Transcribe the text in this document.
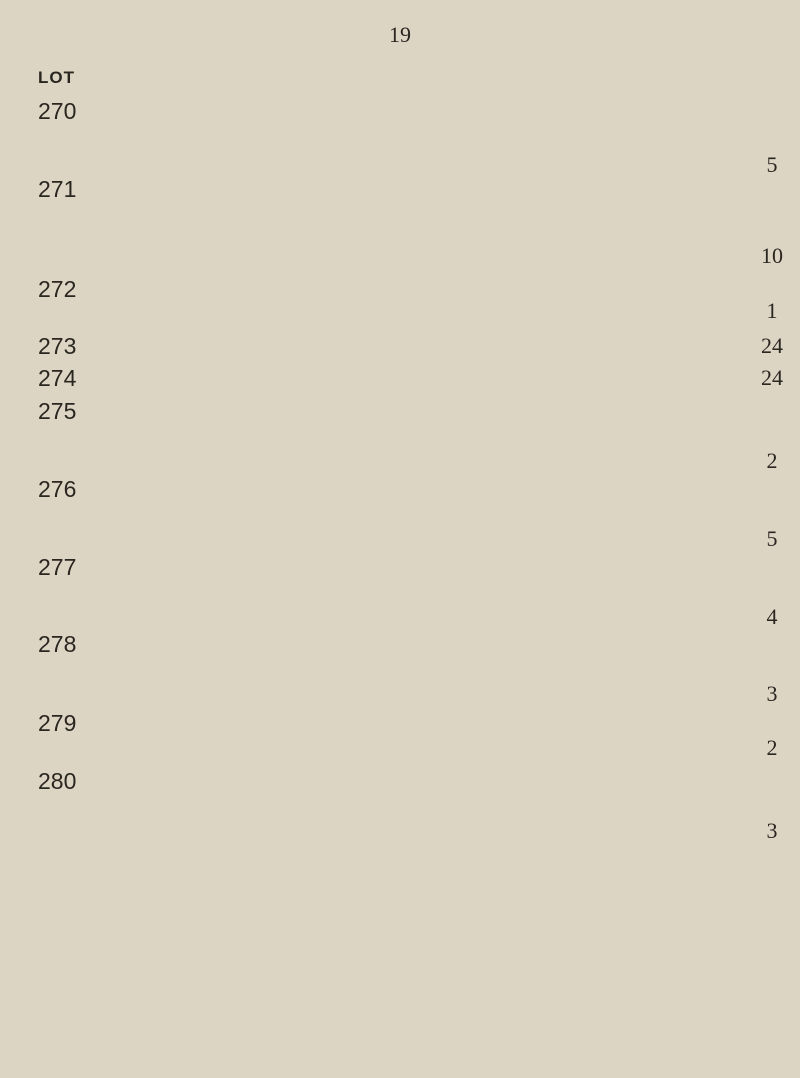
19
LOT
270
5
271
10
272
1
273	24
274	24
275
2
276
5
277
4
278
3
279
2
280
3
